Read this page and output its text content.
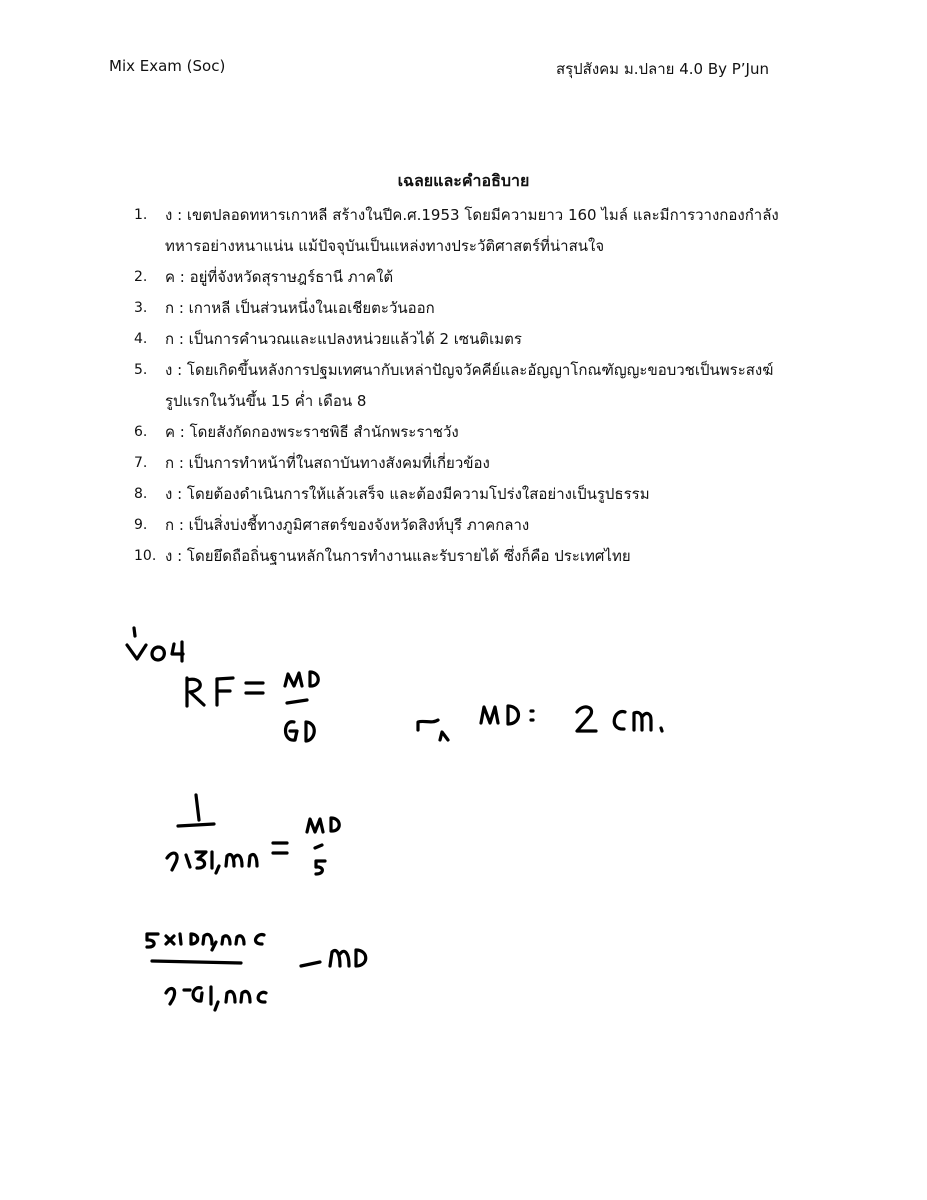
Mix Exam (Soc)	สรุปสังคม ม.ปลาย 4.0 By P’Jun
เฉลยและคำอธิบาย
1.	ง : เขตปลอดทหารเกาหลี สร้างในปีค.ศ.1953 โดยมีความยาว 160 ไมล์ และมีการวางกองกำลัง
ทหารอย่างหนาแน่น แม้ปัจจุบันเป็นแหล่งทางประวัติศาสตร์ที่น่าสนใจ
2.	ค : อยู่ที่จังหวัดสุราษฎร์ธานี ภาคใต้
3.	ก : เกาหลี เป็นส่วนหนึ่งในเอเชียตะวันออก
4.	ก : เป็นการคำนวณและแปลงหน่วยแล้วได้ 2 เซนติเมตร
5.	ง : โดยเกิดขึ้นหลังการปฐมเทศนากับเหล่าปัญจวัคคีย์และอัญญาโกณฑัญญะขอบวชเป็นพระสงฆ์
รูปแรกในวันขึ้น 15 ค่ำ เดือน 8
6.	ค : โดยสังกัดกองพระราชพิธี สำนักพระราชวัง
7.	ก : เป็นการทำหน้าที่ในสถาบันทางสังคมที่เกี่ยวข้อง
8.	ง : โดยต้องดำเนินการให้แล้วเสร็จ และต้องมีความโปร่งใสอย่างเป็นรูปธรรม
9.	ก : เป็นสิ่งบ่งชี้ทางภูมิศาสตร์ของจังหวัดสิงห์บุรี ภาคกลาง
10. ง : โดยยึดถือถิ่นฐานหลักในการทำงานและรับรายได้ ซึ่งก็คือ ประเทศไทย
